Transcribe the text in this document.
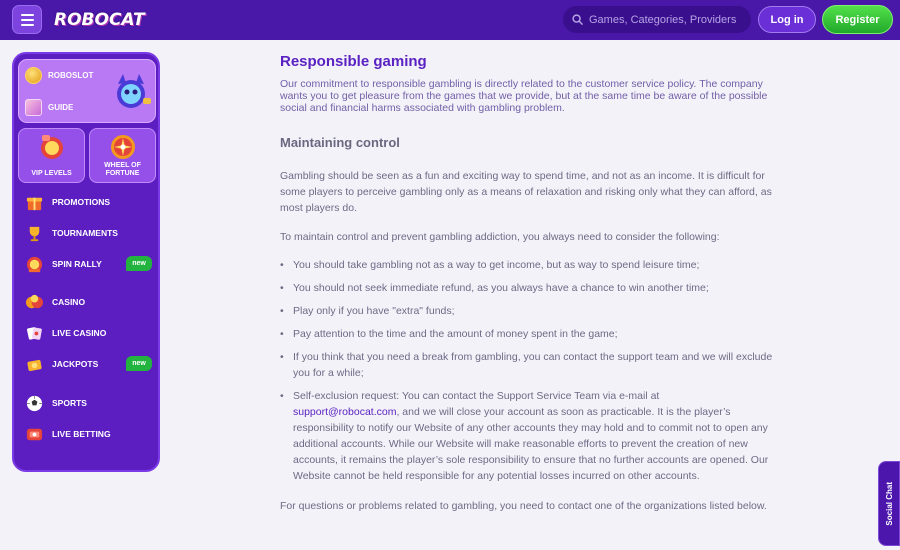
ROBOCAT
Games, Categories, Providers	Log in	Register
ROBOSLOT
GUIDE
VIP LEVELS
WHEEL OF
FORTUNE
PROMOTIONS
TOURNAMENTS
SPIN RALLY	new
CASINO
LIVE CASINO
JACKPOTS	new
SPORTS
LIVE BETTING
Responsible gaming
Our commitment to responsible gambling is directly related to the customer service policy. The company wants you to get pleasure from the games that we provide, but at the same time be aware of the possible social and financial harms associated with gambling problem.
Maintaining control
Gambling should be seen as a fun and exciting way to spend time, and not as an income. It is difficult for some players to perceive gambling only as a means of relaxation and risking only what they can afford, as most players do.
To maintain control and prevent gambling addiction, you always need to consider the following:
• You should take gambling not as a way to get income, but as way to spend leisure time;
• You should not seek immediate refund, as you always have a chance to win another time;
• Play only if you have "extra" funds;
• Pay attention to the time and the amount of money spent in the game;
• If you think that you need a break from gambling, you can contact the support team and we will exclude you for a while;
• Self-exclusion request: You can contact the Support Service Team via e-mail at
support@robocat.com, and we will close your account as soon as practicable. It is the player’s responsibility to notify our Website of any other accounts they may hold and to commit not to open any additional accounts. While our Website will make reasonable efforts to prevent the creation of new accounts, it remains the player’s sole responsibility to ensure that no further accounts are opened. Our Website cannot be held responsible for any potential losses incurred on other accounts.
For questions or problems related to gambling, you need to contact one of the organizations listed below.	Social Chat
